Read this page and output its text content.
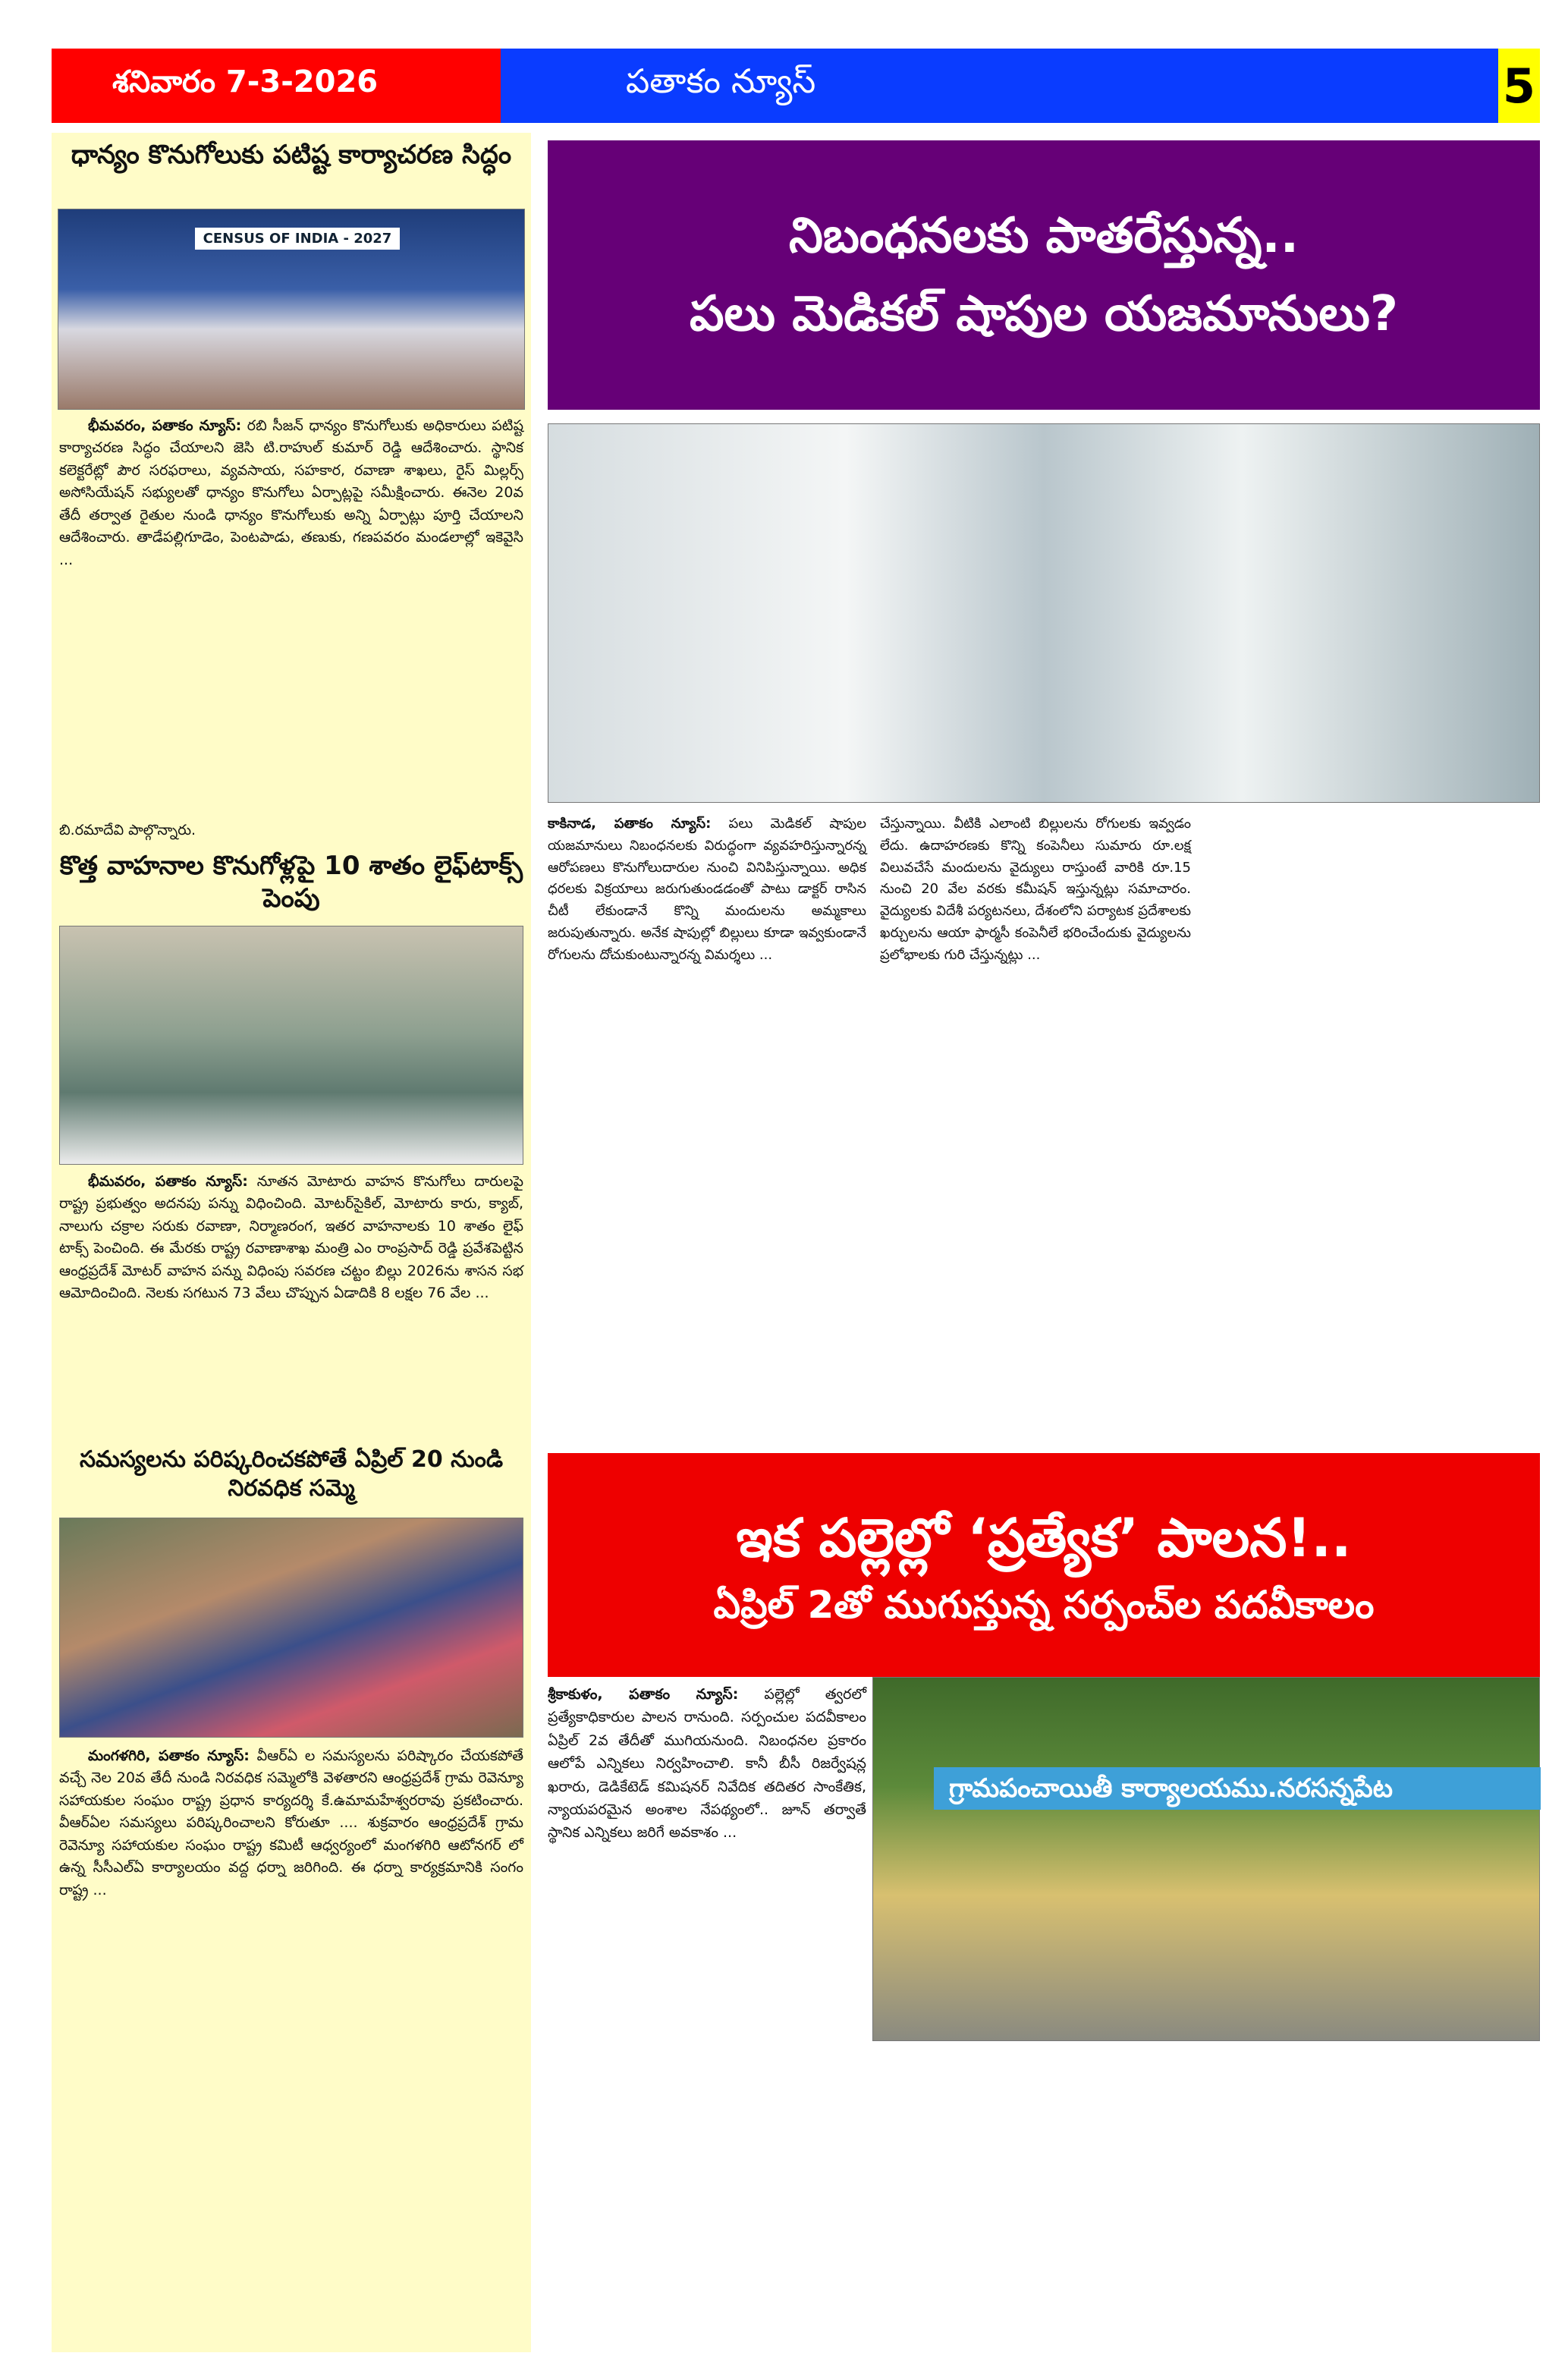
శనివారం 7-3-2026	పతాకం న్యూస్	5
ధాన్యం కొనుగోలుకు పటిష్ట కార్యాచరణ సిద్ధం
CENSUS OF INDIA - 2027
భీమవరం, పతాకం న్యూస్: రబి సీజన్ ధాన్యం కొనుగోలుకు అధికారులు పటిష్ట కార్యాచరణ సిద్ధం చేయాలని జెసి టి.రాహుల్ కుమార్ రెడ్డి ఆదేశించారు. స్థానిక కలెక్టరేట్లో పౌర సరఫరాలు, వ్యవసాయ, సహకార, రవాణా శాఖలు, రైస్ మిల్లర్స్ అసోసియేషన్ సభ్యులతో ధాన్యం కొనుగోలు ఏర్పాట్లపై సమీక్షించారు. ఈనెల 20వ తేదీ తర్వాత రైతుల నుండి ధాన్యం కొనుగోలుకు అన్ని ఏర్పాట్లు పూర్తి చేయాలని ఆదేశించారు. తాడేపల్లిగూడెం, పెంటపాడు, తణుకు, గణపవరం మండలాల్లో ఇకెవైసి ...
బి.రమాదేవి పాల్గొన్నారు.
కొత్త వాహనాల కొనుగోళ్లపై 10 శాతం లైఫ్‌టాక్స్ పెంపు
భీమవరం, పతాకం న్యూస్: నూతన మోటారు వాహన కొనుగోలు దారులపై రాష్ట్ర ప్రభుత్వం అదనపు పన్ను విధించింది. మోటర్‌సైకిల్, మోటారు కారు, క్యాబ్, నాలుగు చక్రాల సరుకు రవాణా, నిర్మాణరంగ, ఇతర వాహనాలకు 10 శాతం లైఫ్ టాక్స్ పెంచింది. ఈ మేరకు రాష్ట్ర రవాణాశాఖ మంత్రి ఎం రాంప్రసాద్ రెడ్డి ప్రవేశపెట్టిన ఆంధ్రప్రదేశ్ మోటర్ వాహన పన్ను విధింపు సవరణ చట్టం బిల్లు 2026ను శాసన సభ ఆమోదించింది. నెలకు సగటున 73 వేలు చొప్పున ఏడాదికి 8 లక్షల 76 వేల ...
సమస్యలను పరిష్కరించకపోతే ఏప్రిల్ 20 నుండి నిరవధిక సమ్మె
మంగళగిరి, పతాకం న్యూస్: వీఆర్ఏ ల సమస్యలను పరిష్కారం చేయకపోతే వచ్చే నెల 20వ తేదీ నుండి నిరవధిక సమ్మెలోకి వెళతారని ఆంధ్రప్రదేశ్ గ్రామ రెవెన్యూ సహాయకుల సంఘం రాష్ట్ర ప్రధాన కార్యదర్శి కే.ఉమామహేశ్వరరావు ప్రకటించారు. వీఆర్ఏల సమస్యలు పరిష్కరించాలని కోరుతూ .... శుక్రవారం ఆంధ్రప్రదేశ్ గ్రామ రెవెన్యూ సహాయకుల సంఘం రాష్ట్ర కమిటీ ఆధ్వర్యంలో మంగళగిరి ఆటోనగర్ లో ఉన్న సీసీఎల్ఏ కార్యాలయం వద్ద ధర్నా జరిగింది. ఈ ధర్నా కార్యక్రమానికి సంగం రాష్ట్ర ...
నిబంధనలకు పాతరేస్తున్న..
పలు మెడికల్ షాపుల యజమానులు?
కాకినాడ, పతాకం న్యూస్: పలు మెడికల్ షాపుల యజమానులు నిబంధనలకు విరుద్ధంగా వ్యవహరిస్తున్నారన్న ఆరోపణలు కొనుగోలుదారుల నుంచి వినిపిస్తున్నాయి. అధిక ధరలకు విక్రయాలు జరుగుతుండడంతో పాటు డాక్టర్ రాసిన చీటీ లేకుండానే కొన్ని మందులను అమ్మకాలు జరుపుతున్నారు. అనేక షాపుల్లో బిల్లులు కూడా ఇవ్వకుండానే రోగులను దోచుకుంటున్నారన్న విమర్శలు ...
చేస్తున్నాయి. వీటికి ఎలాంటి బిల్లులను రోగులకు ఇవ్వడం లేదు. ఉదాహరణకు కొన్ని కంపెనీలు సుమారు రూ.లక్ష విలువచేసే మందులను వైద్యులు రాస్తుంటే వారికి రూ.15 నుంచి 20 వేల వరకు కమీషన్ ఇస్తున్నట్లు సమాచారం. వైద్యులకు విదేశీ పర్యటనలు, దేశంలోని పర్యాటక ప్రదేశాలకు ఖర్చులను ఆయా ఫార్మసీ కంపెనీలే భరించేందుకు వైద్యులను ప్రలోభాలకు గురి చేస్తున్నట్లు ...
ఇక పల్లెల్లో ‘ప్రత్యేక’ పాలన!..
ఏప్రిల్ 2తో ముగుస్తున్న సర్పంచ్‌ల పదవీకాలం
శ్రీకాకుళం, పతాకం న్యూస్: పల్లెల్లో త్వరలో ప్రత్యేకాధికారుల పాలన రానుంది. సర్పంచుల పదవీకాలం ఏప్రిల్ 2వ తేదీతో ముగియనుంది. నిబంధనల ప్రకారం ఆలోపే ఎన్నికలు నిర్వహించాలి. కానీ బీసీ రిజర్వేషన్ల ఖరారు, డెడికేటెడ్ కమిషనర్ నివేదిక తదితర సాంకేతిక, న్యాయపరమైన అంశాల నేపథ్యంలో.. జూన్ తర్వాతే స్థానిక ఎన్నికలు జరిగే అవకాశం ...
గ్రామపంచాయితీ కార్యాలయము.నరసన్నపేట
